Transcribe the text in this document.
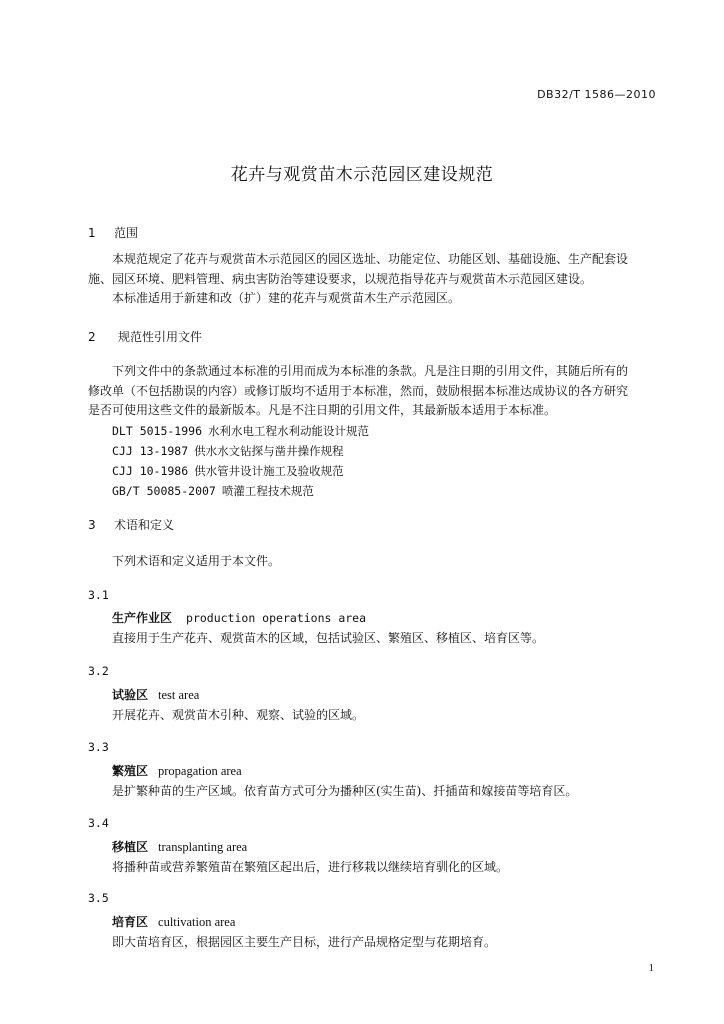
DB32/T 1586—2010
花卉与观赏苗木示范园区建设规范

1 范围

本规范规定了花卉与观赏苗木示范园区的园区选址、功能定位、功能区划、基础设施、生产配套设

施、园区环境、肥料管理、病虫害防治等建设要求，以规范指导花卉与观赏苗木示范园区建设。

本标准适用于新建和改（扩）建的花卉与观赏苗木生产示范园区。

2 规范性引用文件

下列文件中的条款通过本标准的引用而成为本标准的条款。凡是注日期的引用文件，其随后所有的

修改单（不包括勘误的内容）或修订版均不适用于本标准，然而，鼓励根据本标准达成协议的各方研究

是否可使用这些文件的最新版本。凡是不注日期的引用文件，其最新版本适用于本标准。

DLT 5015-1996 水利水电工程水利动能设计规范

CJJ 13-1987 供水水文钻探与凿井操作规程

CJJ 10-1986 供水管井设计施工及验收规范

GB/T 50085-2007 喷灌工程技术规范

3 术语和定义

下列术语和定义适用于本文件。

3.1

生产作业区 production operations area

直接用于生产花卉、观赏苗木的区域，包括试验区、繁殖区、移植区、培育区等。

3.2

试验区 test area

开展花卉、观赏苗木引种、观察、试验的区域。

3.3

繁殖区 propagation area

是扩繁种苗的生产区域。依育苗方式可分为播种区(实生苗)、扦插苗和嫁接苗等培育区。

3.4

移植区 transplanting area

将播种苗或营养繁殖苗在繁殖区起出后，进行移栽以继续培育驯化的区域。

3.5

培育区 cultivation area

即大苗培育区，根据园区主要生产目标，进行产品规格定型与花期培育。

1
